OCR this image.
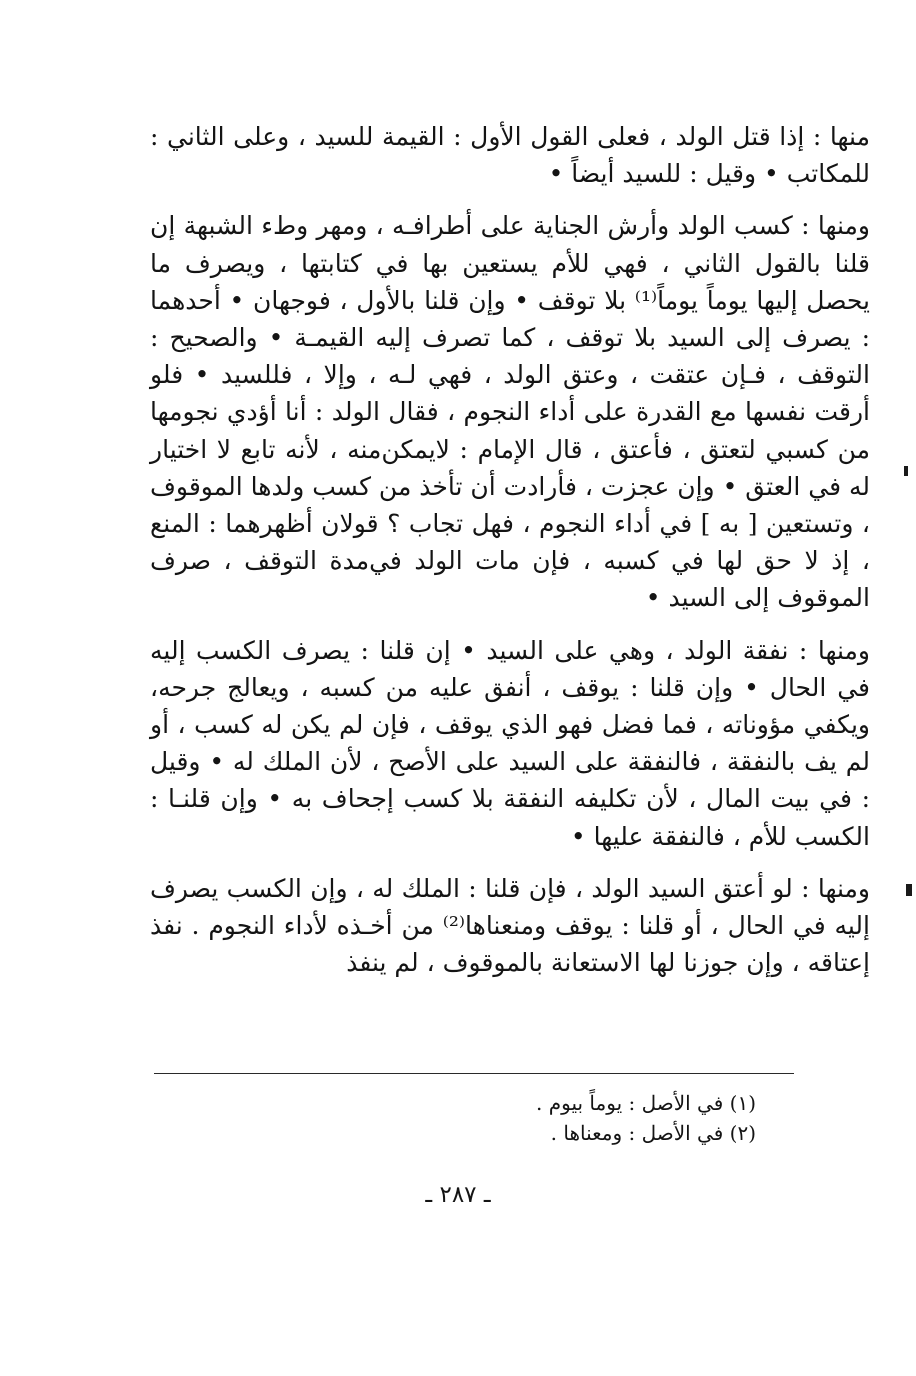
منها : إذا قتل الولد ، فعلى القول الأول : القيمة للسيد ، وعلى الثاني : للمكاتب • وقيل : للسيد أيضاً •

ومنها : كسب الولد وأرش الجناية على أطرافـه ، ومهر وطء الشبهة إن قلنا بالقول الثاني ، فهي للأم يستعين بها في كتابتها ، ويصرف ما يحصل إليها يوماً يوماً⁽¹⁾ بلا توقف • وإن قلنا بالأول ، فوجهان • أحدهما : يصرف إلى السيد بلا توقف ، كما تصرف إليه القيمـة • والصحيح : التوقف ، فـإن عتقت ، وعتق الولد ، فهي لـه ، وإلا ، فللسيد • فلو أرقت نفسها مع القدرة على أداء النجوم ، فقال الولد : أنا أؤدي نجومها من كسبي لتعتق ، فأعتق ، قال الإمام : لايمكن‌منه ، لأنه تابع لا اختيار له في العتق • وإن عجزت ، فأرادت أن تأخذ من كسب ولدها الموقوف ، وتستعين [ به ] في أداء النجوم ، فهل تجاب ؟ قولان أظهرهما : المنع ، إذ لا حق لها في كسبه ، فإن مات الولد في‌مدة التوقف ، صرف الموقوف إلى السيد •

ومنها : نفقة الولد ، وهي على السيد • إن قلنا : يصرف الكسب إليه في الحال • وإن قلنا : يوقف ، أنفق عليه من كسبه ، ويعالج جرحه، ويكفي مؤوناته ، فما فضل فهو الذي يوقف ، فإن لم يكن له كسب ، أو لم يف بالنفقة ، فالنفقة على السيد على الأصح ، لأن الملك له • وقيل : في بيت المال ، لأن تكليفه النفقة بلا كسب إجحاف به • وإن قلنـا : الكسب للأم ، فالنفقة عليها •

ومنها : لو أعتق السيد الولد ، فإن قلنا : الملك له ، وإن الكسب يصرف إليه في الحال ، أو قلنا : يوقف ومنعناها⁽²⁾ من أخـذه لأداء النجوم . نفذ إعتاقه ، وإن جوزنا لها الاستعانة بالموقوف ، لم ينفذ

(١) في الأصل : يوماً بيوم .

(٢) في الأصل : ومعناها .

ـ ٢٨٧ ـ
